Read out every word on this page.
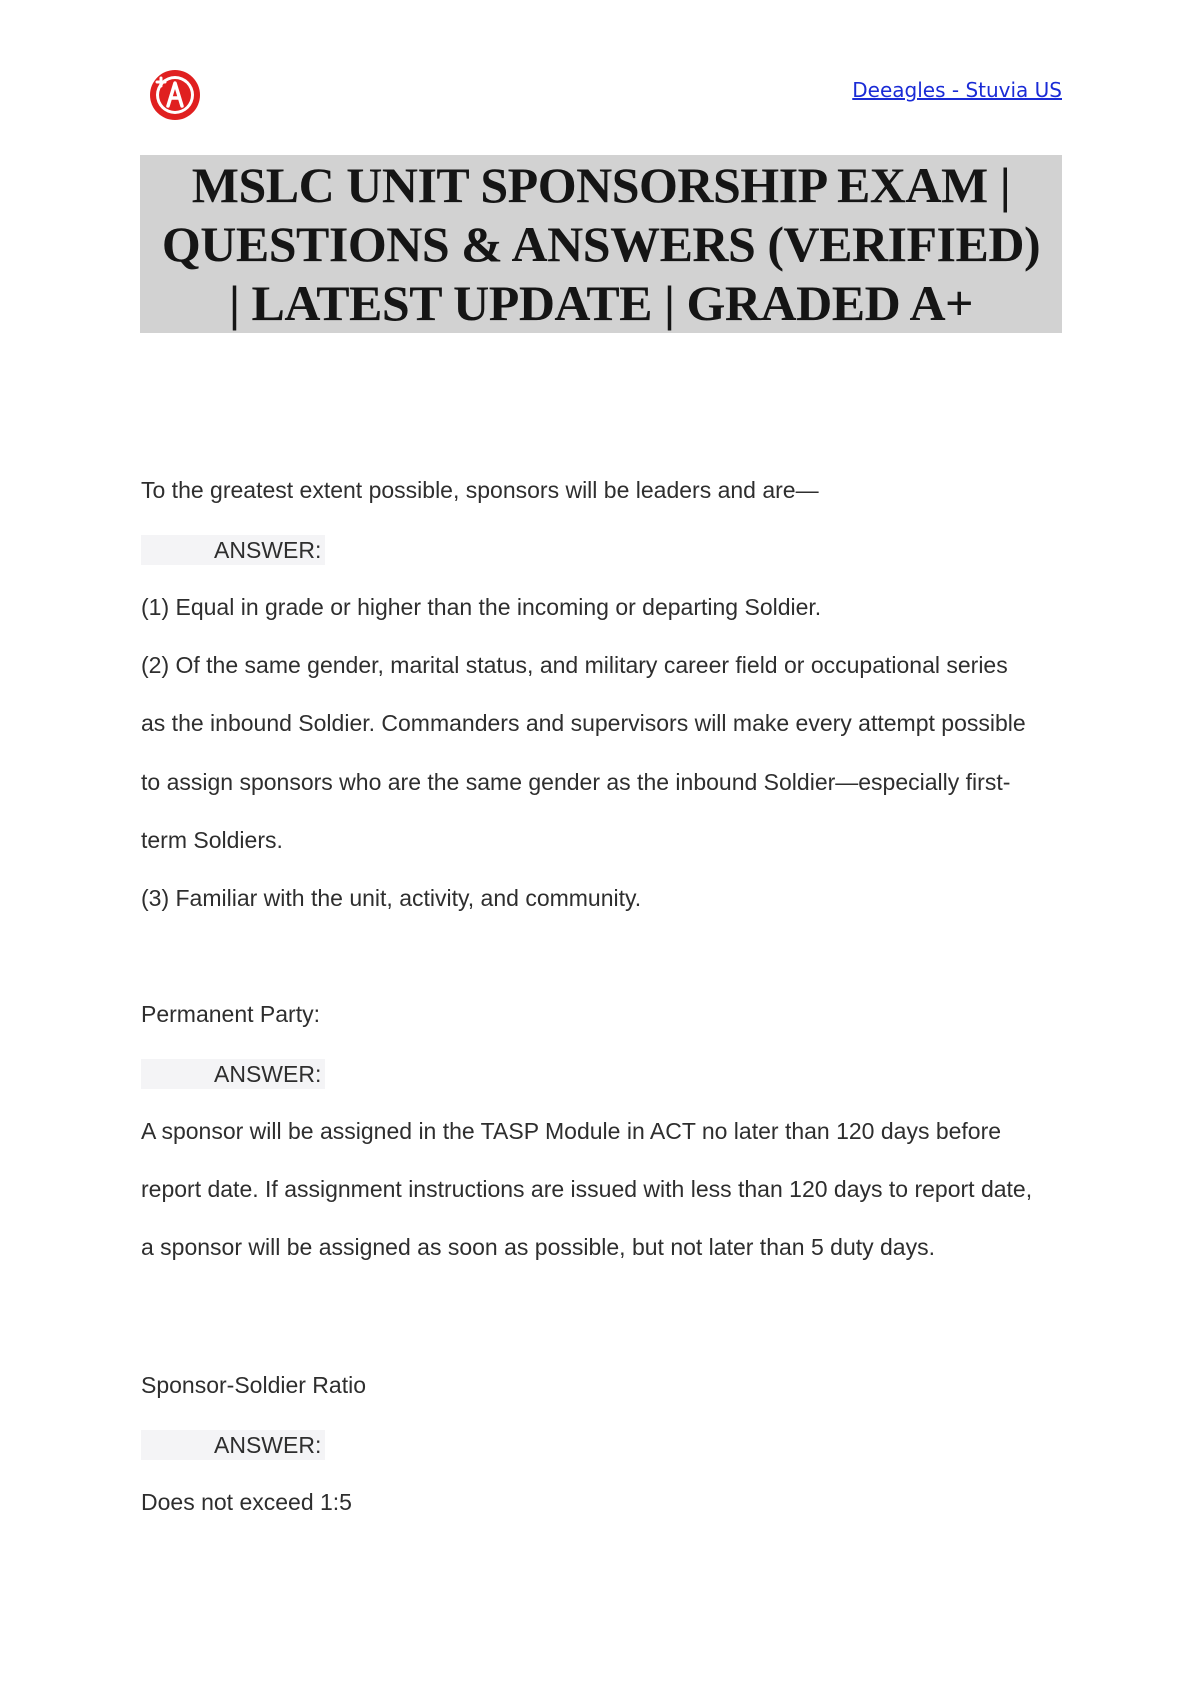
Deeagles - Stuvia US
MSLC UNIT SPONSORSHIP EXAM | QUESTIONS & ANSWERS (VERIFIED) | LATEST UPDATE | GRADED A+
To the greatest extent possible, sponsors will be leaders and are—
ANSWER:
(1) Equal in grade or higher than the incoming or departing Soldier.
(2) Of the same gender, marital status, and military career field or occupational series
as the inbound Soldier. Commanders and supervisors will make every attempt possible
to assign sponsors who are the same gender as the inbound Soldier—especially first-
term Soldiers.
(3) Familiar with the unit, activity, and community.
Permanent Party:
ANSWER:
A sponsor will be assigned in the TASP Module in ACT no later than 120 days before
report date. If assignment instructions are issued with less than 120 days to report date,
a sponsor will be assigned as soon as possible, but not later than 5 duty days.
Sponsor-Soldier Ratio
ANSWER:
Does not exceed 1:5
